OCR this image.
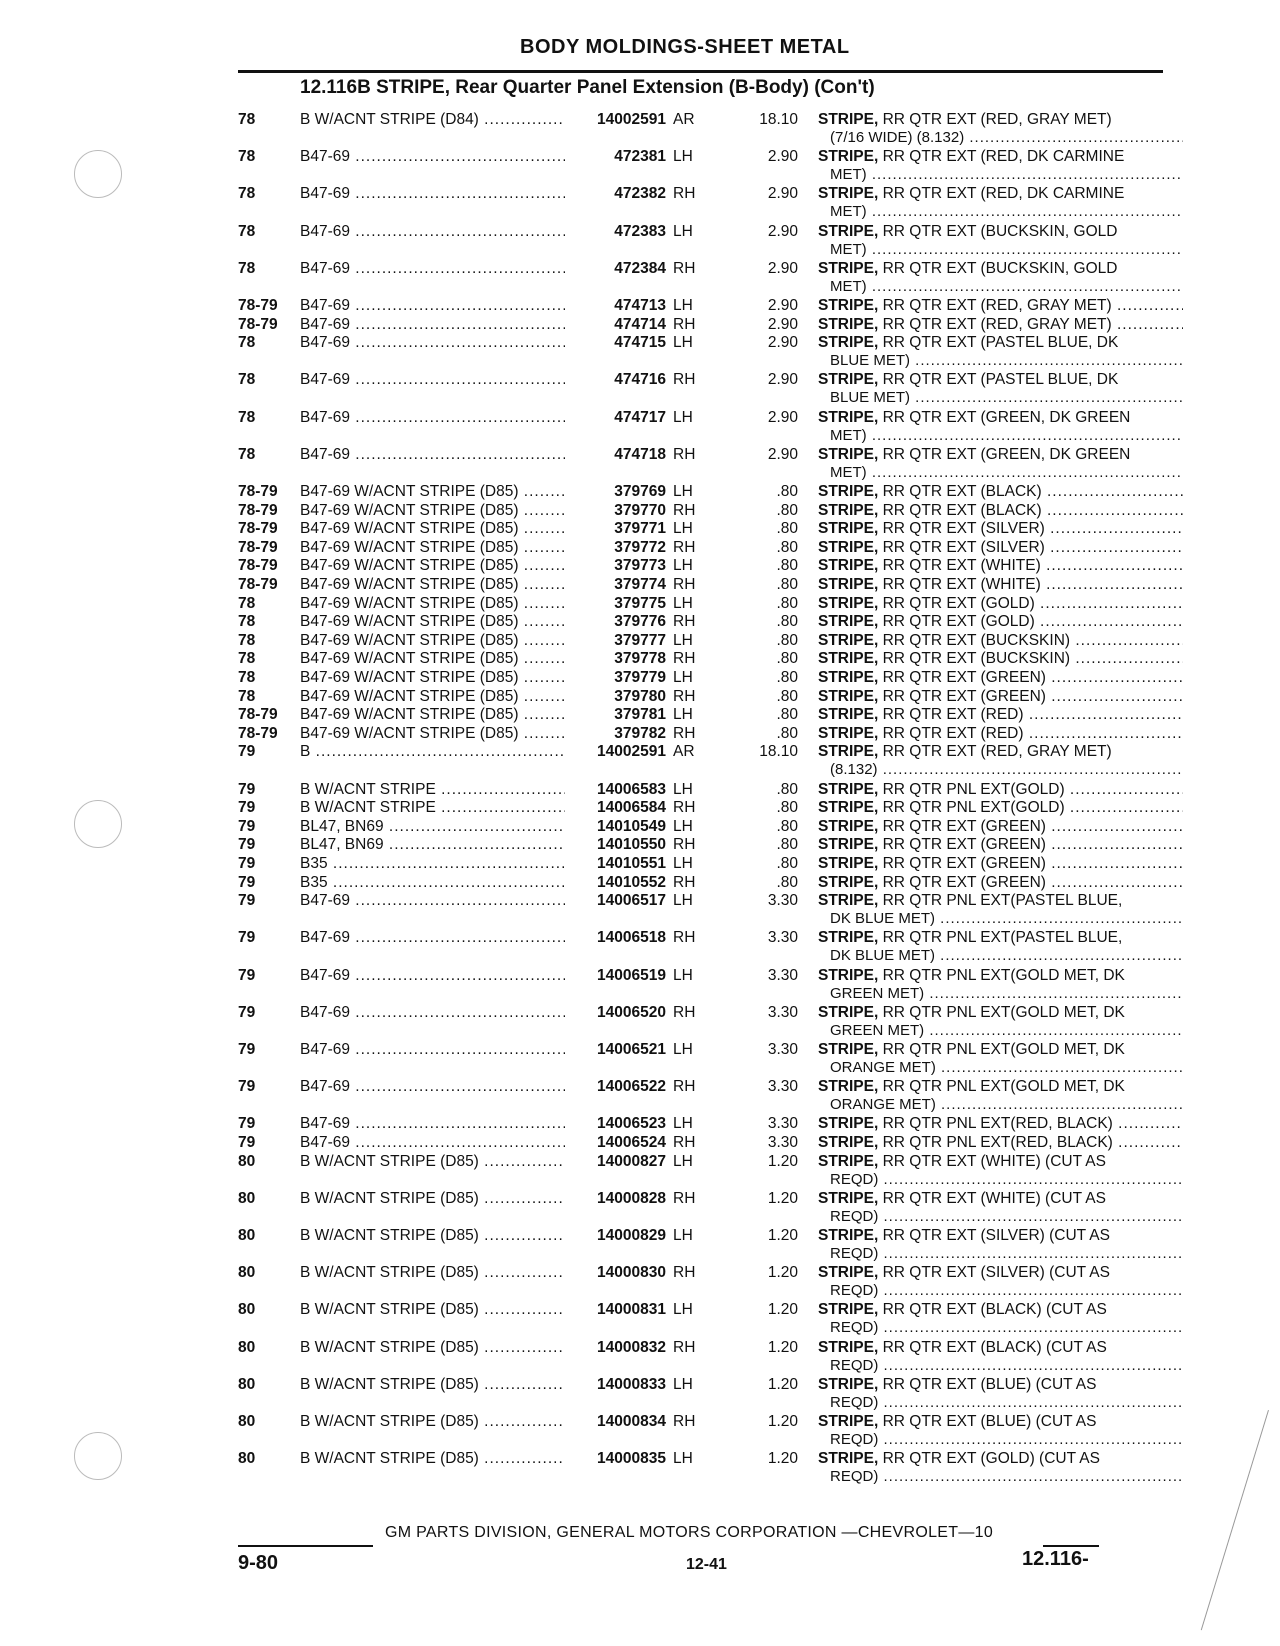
BODY MOLDINGS-SHEET METAL
12.116B STRIPE, Rear Quarter Panel Extension (B-Body) (Con't)
78	B W/ACNT STRIPE (D84) .....	14002591 AR	18.10 STRIPE, RR QTR EXT (RED, GRAY MET)
(7/16 WIDE) (8.132) .....
78	B47-69 .....	472381 LH	2.90 STRIPE, RR QTR EXT (RED, DK CARMINE
MET) .....
78	B47-69 .....	472382 RH	2.90 STRIPE, RR QTR EXT (RED, DK CARMINE
MET) .....
78	B47-69 .....	472383 LH	2.90 STRIPE, RR QTR EXT (BUCKSKIN, GOLD
MET) .....
78	B47-69 .....	472384 RH	2.90 STRIPE, RR QTR EXT (BUCKSKIN, GOLD
MET) .....
78-79 B47-69 .....	474713 LH	2.90 STRIPE, RR QTR EXT (RED, GRAY MET) .....
78-79 B47-69 .....	474714 RH	2.90 STRIPE, RR QTR EXT (RED, GRAY MET) .....
78	B47-69 .....	474715 LH	2.90 STRIPE, RR QTR EXT (PASTEL BLUE, DK
BLUE MET) .....
78	B47-69 .....	474716 RH	2.90 STRIPE, RR QTR EXT (PASTEL BLUE, DK
BLUE MET) .....
78	B47-69 .....	474717 LH	2.90 STRIPE, RR QTR EXT (GREEN, DK GREEN
MET) .....
78	B47-69 .....	474718 RH	2.90 STRIPE, RR QTR EXT (GREEN, DK GREEN
MET) .....
78-79 B47-69 W/ACNT STRIPE (D85) .....	379769 LH	.80 STRIPE, RR QTR EXT (BLACK) .....
78-79 B47-69 W/ACNT STRIPE (D85) .....	379770 RH	.80 STRIPE, RR QTR EXT (BLACK) .....
78-79 B47-69 W/ACNT STRIPE (D85) .....	379771 LH	.80 STRIPE, RR QTR EXT (SILVER) .....
78-79 B47-69 W/ACNT STRIPE (D85) .....	379772 RH	.80 STRIPE, RR QTR EXT (SILVER) .....
78-79 B47-69 W/ACNT STRIPE (D85) .....	379773 LH	.80 STRIPE, RR QTR EXT (WHITE) .....
78-79 B47-69 W/ACNT STRIPE (D85) .....	379774 RH	.80 STRIPE, RR QTR EXT (WHITE) .....
78	B47-69 W/ACNT STRIPE (D85) .....	379775 LH	.80 STRIPE, RR QTR EXT (GOLD) .....
78	B47-69 W/ACNT STRIPE (D85) .....	379776 RH	.80 STRIPE, RR QTR EXT (GOLD) .....
78	B47-69 W/ACNT STRIPE (D85) .....	379777 LH	.80 STRIPE, RR QTR EXT (BUCKSKIN) .....
78	B47-69 W/ACNT STRIPE (D85) .....	379778 RH	.80 STRIPE, RR QTR EXT (BUCKSKIN) .....
78	B47-69 W/ACNT STRIPE (D85) .....	379779 LH	.80 STRIPE, RR QTR EXT (GREEN) .....
78	B47-69 W/ACNT STRIPE (D85) .....	379780 RH	.80 STRIPE, RR QTR EXT (GREEN) .....
78-79 B47-69 W/ACNT STRIPE (D85) .....	379781 LH	.80 STRIPE, RR QTR EXT (RED) .....
78-79 B47-69 W/ACNT STRIPE (D85) .....	379782 RH	.80 STRIPE, RR QTR EXT (RED) .....
79	B .....	14002591 AR	18.10 STRIPE, RR QTR EXT (RED, GRAY MET)
(8.132) .....
79	B W/ACNT STRIPE .....	14006583 LH	.80 STRIPE, RR QTR PNL EXT(GOLD) .....
79	B W/ACNT STRIPE .....	14006584 RH	.80 STRIPE, RR QTR PNL EXT(GOLD) .....
79	BL47, BN69 .....	14010549 LH	.80 STRIPE, RR QTR EXT (GREEN) .....
79	BL47, BN69 .....	14010550 RH	.80 STRIPE, RR QTR EXT (GREEN) .....
79	B35 .....	14010551 LH	.80 STRIPE, RR QTR EXT (GREEN) .....
79	B35 .....	14010552 RH	.80 STRIPE, RR QTR EXT (GREEN) .....
79	B47-69 .....	14006517 LH	3.30 STRIPE, RR QTR PNL EXT(PASTEL BLUE,
DK BLUE MET) .....
79	B47-69 .....	14006518 RH	3.30 STRIPE, RR QTR PNL EXT(PASTEL BLUE,
DK BLUE MET) .....
79	B47-69 .....	14006519 LH	3.30 STRIPE, RR QTR PNL EXT(GOLD MET, DK
GREEN MET) .....
79	B47-69 .....	14006520 RH	3.30 STRIPE, RR QTR PNL EXT(GOLD MET, DK
GREEN MET) .....
79	B47-69 .....	14006521 LH	3.30 STRIPE, RR QTR PNL EXT(GOLD MET, DK
ORANGE MET) .....
79	B47-69 .....	14006522 RH	3.30 STRIPE, RR QTR PNL EXT(GOLD MET, DK
ORANGE MET) .....
79	B47-69 .....	14006523 LH	3.30 STRIPE, RR QTR PNL EXT(RED, BLACK) .....
79	B47-69 .....	14006524 RH	3.30 STRIPE, RR QTR PNL EXT(RED, BLACK) .....
80	B W/ACNT STRIPE (D85) .....	14000827 LH	1.20 STRIPE, RR QTR EXT (WHITE) (CUT AS
REQD) .....
80	B W/ACNT STRIPE (D85) .....	14000828 RH	1.20 STRIPE, RR QTR EXT (WHITE) (CUT AS
REQD) .....
80	B W/ACNT STRIPE (D85) .....	14000829 LH	1.20 STRIPE, RR QTR EXT (SILVER) (CUT AS
REQD) .....
80	B W/ACNT STRIPE (D85) .....	14000830 RH	1.20 STRIPE, RR QTR EXT (SILVER) (CUT AS
REQD) .....
80	B W/ACNT STRIPE (D85) .....	14000831 LH	1.20 STRIPE, RR QTR EXT (BLACK) (CUT AS
REQD) .....
80	B W/ACNT STRIPE (D85) .....	14000832 RH	1.20 STRIPE, RR QTR EXT (BLACK) (CUT AS
REQD) .....
80	B W/ACNT STRIPE (D85) .....	14000833 LH	1.20 STRIPE, RR QTR EXT (BLUE) (CUT AS
REQD) .....
80	B W/ACNT STRIPE (D85) .....	14000834 RH	1.20 STRIPE, RR QTR EXT (BLUE) (CUT AS
REQD) .....
80	B W/ACNT STRIPE (D85) .....	14000835 LH	1.20 STRIPE, RR QTR EXT (GOLD) (CUT AS
REQD) .....
GM PARTS DIVISION, GENERAL MOTORS CORPORATION —CHEVROLET—10
9-80	12-41	12.116-
